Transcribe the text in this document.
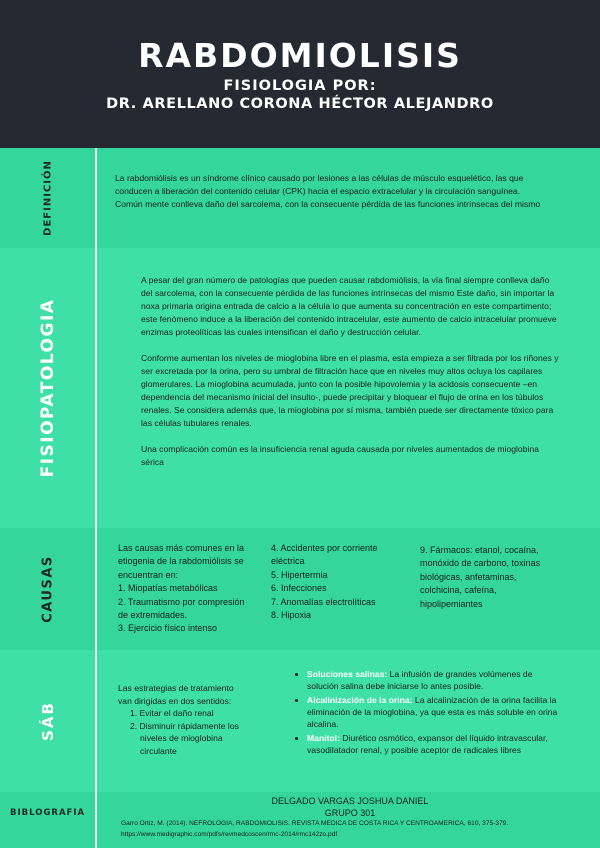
RABDOMIOLISIS
FISIOLOGIA POR:
DR. ARELLANO CORONA HÉCTOR ALEJANDRO
DEFINICIÓN	La rabdomiólisis es un síndrome clínico causado por lesiones a las células de músculo esquelético, las que conducen a liberación del contenido celular (CPK) hacia el espacio extracelular y la circulación sanguínea. Común mente conlleva daño del sarcolema, con la consecuente pérdida de las funciones intrínsecas del mismo
FISIOPATOLOGIA

A pesar del gran número de patologías que pueden causar rabdomiólisis, la vía final siempre conlleva daño del sarcolema, con la consecuente pérdida de las funciones intrínsecas del mismo Este daño, sin importar la noxa primaria origina entrada de calcio a la célula lo que aumenta su concentración en este compartimento; este fenómeno induce a la liberación del contenido intracelular, este aumento de calcio intracelular promueve enzimas proteolíticas las cuales intensifican el daño y destrucción celular.

Conforme aumentan los niveles de mioglobina libre en el plasma, esta empieza a ser filtrada por los riñones y ser excretada por la orina, pero su umbral de filtración hace que en niveles muy altos ocluya los capilares glomerulares. La mioglobina acumulada, junto con la posible hipovolemia y la acidosis consecuente –en dependencia del mecanismo inicial del insulto-, puede precipitar y bloquear el flujo de orina en los túbulos renales. Se considera además que, la mioglobina por sí misma, también puede ser directamente tóxico para las células tubulares renales.

Una complicación común es la insuficiencia renal aguda causada por niveles aumentados de mioglobina sérica

CAUSAS
Las causas más comunes en la
etiogenia de la rabdomiólisis se
encuentran en:
1. Miopatías metabólicas
2. Traumatismo por compresión
de extremidades.
3. Ejercicio físico intenso
4. Accidentes por corriente
eléctrica
5. Hipertermia
6. Infecciones
7. Anomalías electrolíticas
8. Hipoxia
9. Fármacos: etanol, cocaína,
monóxido de carbono, toxinas
biológicas, anfetaminas,
colchicina, cafeína,
hipolipemiantes
SÁB
Las estrategias de tratamiento
van dirigidas en dos sentidos:
1. Evitar el daño renal
2. Disminuir rápidamente los
niveles de mioglobina
circulante
• Soluciones salinas: La infusión de grandes volúmenes de solución salina debe iniciarse lo antes posible.
• Alcalinización de la orina: La alcalinización de la orina facilita la eliminación de la mioglobina, ya que esta es más soluble en orina alcalina.
• Manitol: Diurético osmótico, expansor del líquido intravascular, vasodilatador renal, y posible aceptor de radicales libres
BIBLOGRAFIA
DELGADO VARGAS JOSHUA DANIEL
GRUPO 301
Garro Ortiz, M. (2014). NEFROLOGIA, RABDOMIOLISIS. REVISTA MEDICA DE COSTA RICA Y CENTROAMERICA, 610, 375-379. https://www.medigraphic.com/pdfs/revmedcoscen/rmc-2014/rmc142zo.pdf
